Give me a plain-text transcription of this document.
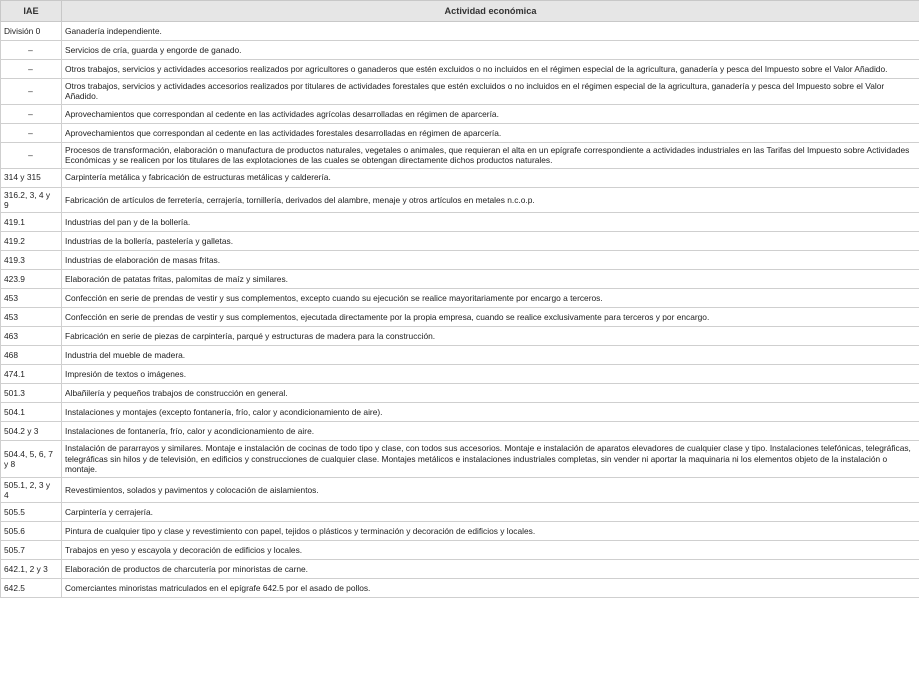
IAE	Actividad económica
División 0	Ganadería independiente.
–	Servicios de cría, guarda y engorde de ganado.
–	Otros trabajos, servicios y actividades accesorios realizados por agricultores o ganaderos que estén excluidos o no incluidos en el régimen especial de la agricultura, ganadería y pesca del Impuesto sobre el Valor Añadido.
–	Otros trabajos, servicios y actividades accesorios realizados por titulares de actividades forestales que estén excluidos o no incluidos en el régimen especial de la agricultura, ganadería y pesca del Impuesto sobre el Valor Añadido.
–	Aprovechamientos que correspondan al cedente en las actividades agrícolas desarrolladas en régimen de aparcería.
–	Aprovechamientos que correspondan al cedente en las actividades forestales desarrolladas en régimen de aparcería.
–	Procesos de transformación, elaboración o manufactura de productos naturales, vegetales o animales, que requieran el alta en un epígrafe correspondiente a actividades industriales en las Tarifas del Impuesto sobre Actividades Económicas y se realicen por los titulares de las explotaciones de las cuales se obtengan directamente dichos productos naturales.
314 y 315	Carpintería metálica y fabricación de estructuras metálicas y calderería.
316.2, 3, 4 y 9	Fabricación de artículos de ferretería, cerrajería, tornillería, derivados del alambre, menaje y otros artículos en metales n.c.o.p.
419.1	Industrias del pan y de la bollería.
419.2	Industrias de la bollería, pastelería y galletas.
419.3	Industrias de elaboración de masas fritas.
423.9	Elaboración de patatas fritas, palomitas de maíz y similares.
453	Confección en serie de prendas de vestir y sus complementos, excepto cuando su ejecución se realice mayoritariamente por encargo a terceros.
453	Confección en serie de prendas de vestir y sus complementos, ejecutada directamente por la propia empresa, cuando se realice exclusivamente para terceros y por encargo.
463	Fabricación en serie de piezas de carpintería, parqué y estructuras de madera para la construcción.
468	Industria del mueble de madera.
474.1	Impresión de textos o imágenes.
501.3	Albañilería y pequeños trabajos de construcción en general.
504.1	Instalaciones y montajes (excepto fontanería, frío, calor y acondicionamiento de aire).
504.2 y 3	Instalaciones de fontanería, frío, calor y acondicionamiento de aire.
504.4, 5, 6, 7 y 8	Instalación de pararrayos y similares. Montaje e instalación de cocinas de todo tipo y clase, con todos sus accesorios. Montaje e instalación de aparatos elevadores de cualquier clase y tipo. Instalaciones telefónicas, telegráficas, telegráficas sin hilos y de televisión, en edificios y construcciones de cualquier clase. Montajes metálicos e instalaciones industriales completas, sin vender ni aportar la maquinaria ni los elementos objeto de la instalación o montaje.
505.1, 2, 3 y 4	Revestimientos, solados y pavimentos y colocación de aislamientos.
505.5	Carpintería y cerrajería.
505.6	Pintura de cualquier tipo y clase y revestimiento con papel, tejidos o plásticos y terminación y decoración de edificios y locales.
505.7	Trabajos en yeso y escayola y decoración de edificios y locales.
642.1, 2 y 3	Elaboración de productos de charcutería por minoristas de carne.
642.5	Comerciantes minoristas matriculados en el epígrafe 642.5 por el asado de pollos.
